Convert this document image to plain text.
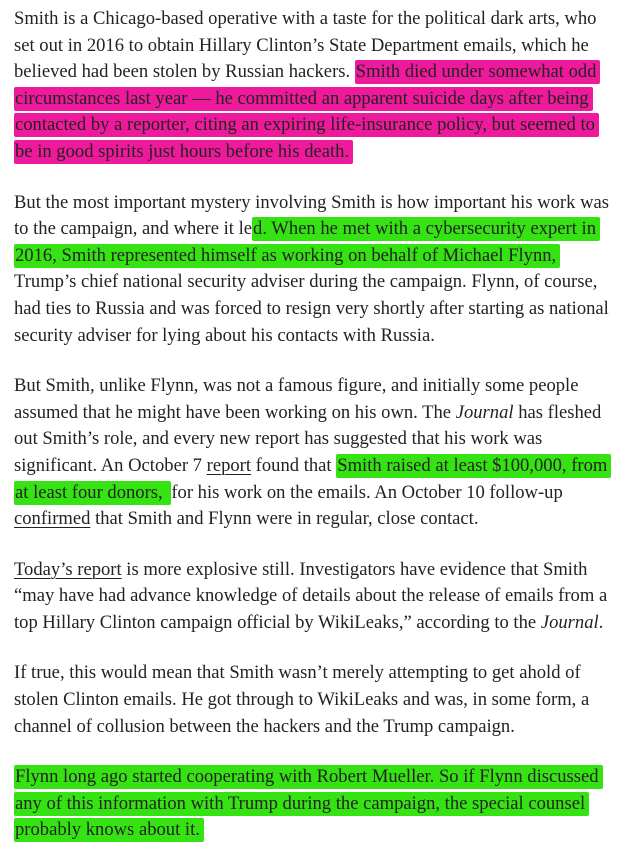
Smith is a Chicago-based operative with a taste for the political dark arts, who set out in 2016 to obtain Hillary Clinton’s State Department emails, which he believed had been stolen by Russian hackers. Smith died under somewhat odd circumstances last year — he committed an apparent suicide days after being contacted by a reporter, citing an expiring life-insurance policy, but seemed to be in good spirits just hours before his death.

But the most important mystery involving Smith is how important his work was to the campaign, and where it led. When he met with a cybersecurity expert in 2016, Smith represented himself as working on behalf of Michael Flynn, Trump’s chief national security adviser during the campaign. Flynn, of course, had ties to Russia and was forced to resign very shortly after starting as national security adviser for lying about his contacts with Russia.

But Smith, unlike Flynn, was not a famous figure, and initially some people assumed that he might have been working on his own. The Journal has fleshed out Smith’s role, and every new report has suggested that his work was significant. An October 7 report found that Smith raised at least $100,000, from at least four donors, for his work on the emails. An October 10 follow-up confirmed that Smith and Flynn were in regular, close contact.

Today’s report is more explosive still. Investigators have evidence that Smith “may have had advance knowledge of details about the release of emails from a top Hillary Clinton campaign official by WikiLeaks,” according to the Journal.

If true, this would mean that Smith wasn’t merely attempting to get ahold of stolen Clinton emails. He got through to WikiLeaks and was, in some form, a channel of collusion between the hackers and the Trump campaign.

Flynn long ago started cooperating with Robert Mueller. So if Flynn discussed any of this information with Trump during the campaign, the special counsel probably knows about it.
